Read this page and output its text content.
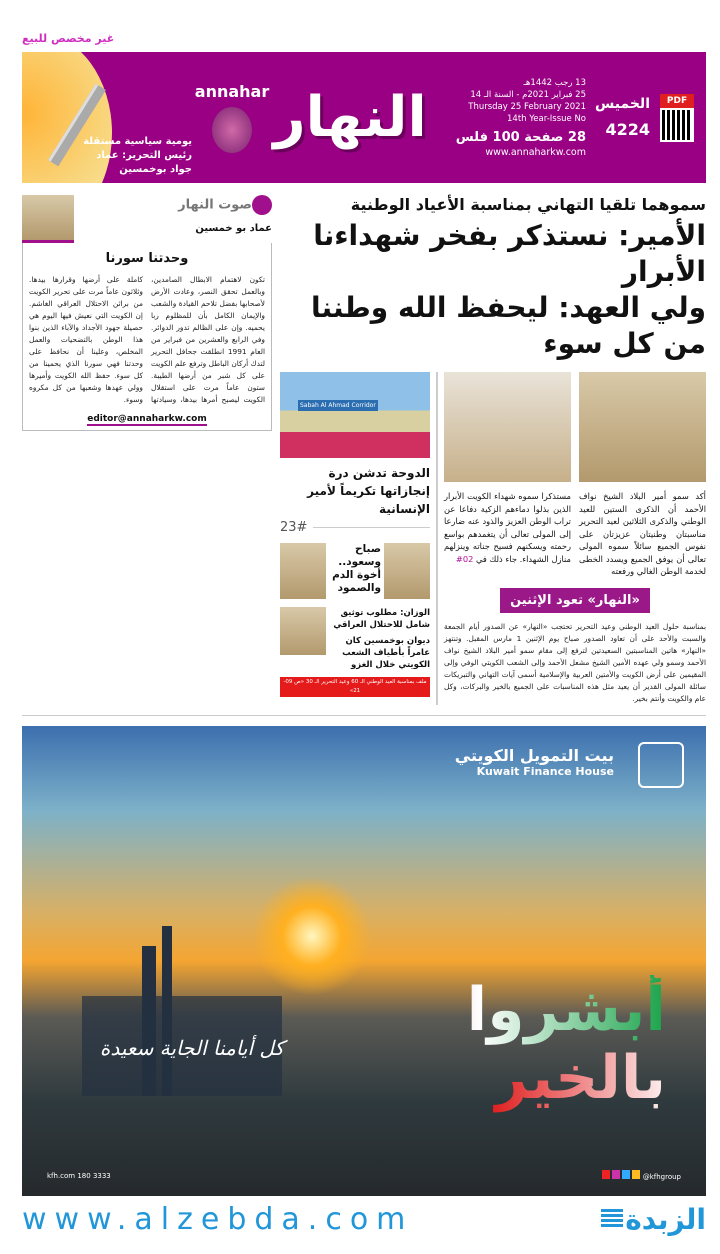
غير مخصص للبيع
يومية سياسية مستقلة
رئيس التحرير: عماد جواد بوخمسين
annahar النهار
13 رجب 1442هـ
25 فبراير 2021م - السنة الـ 14
Thursday 25 February 2021
14th Year-Issue No
28 صفحة 100 فلس
www.annaharkw.com
الخميس
4224
PDF
صوت النهار
عماد بو خمسين
وحدتنا سورنا
تكون لاهتمام الابطال الصامدين، وبالعمل تحقق النصر، وعادت الأرض لأصحابها بفضل تلاحم القيادة والشعب والإيمان الكامل بأن للمظلوم ربا يحميه. وإن على الظالم تدور الدوائر. وفي الرابع والعشرين من فبراير من العام 1991 انطلقت جحافل التحرير لتدك أركان الباطل وترفع علم الكويت على كل شبر من أرضها الطيبة. ستون عاماً مرت على استقلال الكويت ليصبح أمرها بيدها، وسيادتها كاملة على أرضها وقرارها بيدها. وثلاثون عاماً مرت على تحرير الكويت من براثن الاحتلال العراقي الغاشم. إن الكويت التي نعيش فيها اليوم هي حصيلة جهود الأجداد والآباء الذين بنوا هذا الوطن بالتضحيات والعمل المخلص، وعلينا أن نحافظ على وحدتنا فهي سورنا الذي يحمينا من كل سوء. حفظ الله الكويت وأميرها وولي عهدها وشعبها من كل مكروه وسوء.
editor@annaharkw.com
سموهما تلقيا التهاني بمناسبة الأعياد الوطنية
الأمير: نستذكر بفخر شهداءنا الأبرار
ولي العهد: ليحفظ الله وطننا من كل سوء
Sabah Al Ahmad Corridor
الدوحة تدشن درة إنجازاتها تكريماً لأمير الإنسانية
23#
صباح وسعود.. أخوة الدم والصمود
الوزان: مطلوب توثيق شامل للاحتلال العراقي
ديوان بوخمسين كان عامراً بأطياف الشعب الكويتي خلال الغزو
ملف بمناسبة العيد الوطني الـ 60 وعيد التحرير الـ 30 «ص 09-21»
مستذكرا سموه شهداء الكويت الأبرار الذين بذلوا دماءهم الزكية دفاعا عن تراب الوطن العزيز والذود عنه ضارعا إلى المولى تعالى أن يتغمدهم بواسع رحمته ويسكنهم فسيح جناته وينزلهم منازل الشهداء. جاء ذلك في 02#
أكد سمو أمير البلاد الشيخ نواف الأحمد أن الذكرى الستين للعيد الوطني والذكرى الثلاثين لعيد التحرير مناسبتان وطنيتان عزيزتان على نفوس الجميع سائلاً سموه المولى تعالى أن يوفق الجميع ويسدد الخطى لخدمة الوطن الغالي ورفعته
«النهار» تعود الإثنين
بمناسبة حلول العيد الوطني وعيد التحرير تحتجب «النهار» عن الصدور أيام الجمعة والسبت والأحد على أن تعاود الصدور صباح يوم الإثنين 1 مارس المقبل. وتنتهز «النهار» هاتين المناسبتين السعيدتين لترفع إلى مقام سمو أمير البلاد الشيخ نواف الأحمد وسمو ولي عهده الأمين الشيخ مشعل الأحمد وإلى الشعب الكويتي الوفي وإلى المقيمين على أرض الكويت والأمتين العربية والإسلامية أسمى آيات التهاني والتبريكات سائلة المولى القدير أن يعيد مثل هذه المناسبات على الجميع بالخير والبركات، وكل عام والكويت وأنتم بخير.
بيت التمويل الكويتي
Kuwait Finance House
أبشروا بالخير
كل أيامنا الجاية سعيدة
kfh.com 180 3333	@kfhgroup
www.alzebda.com	الزبدة
